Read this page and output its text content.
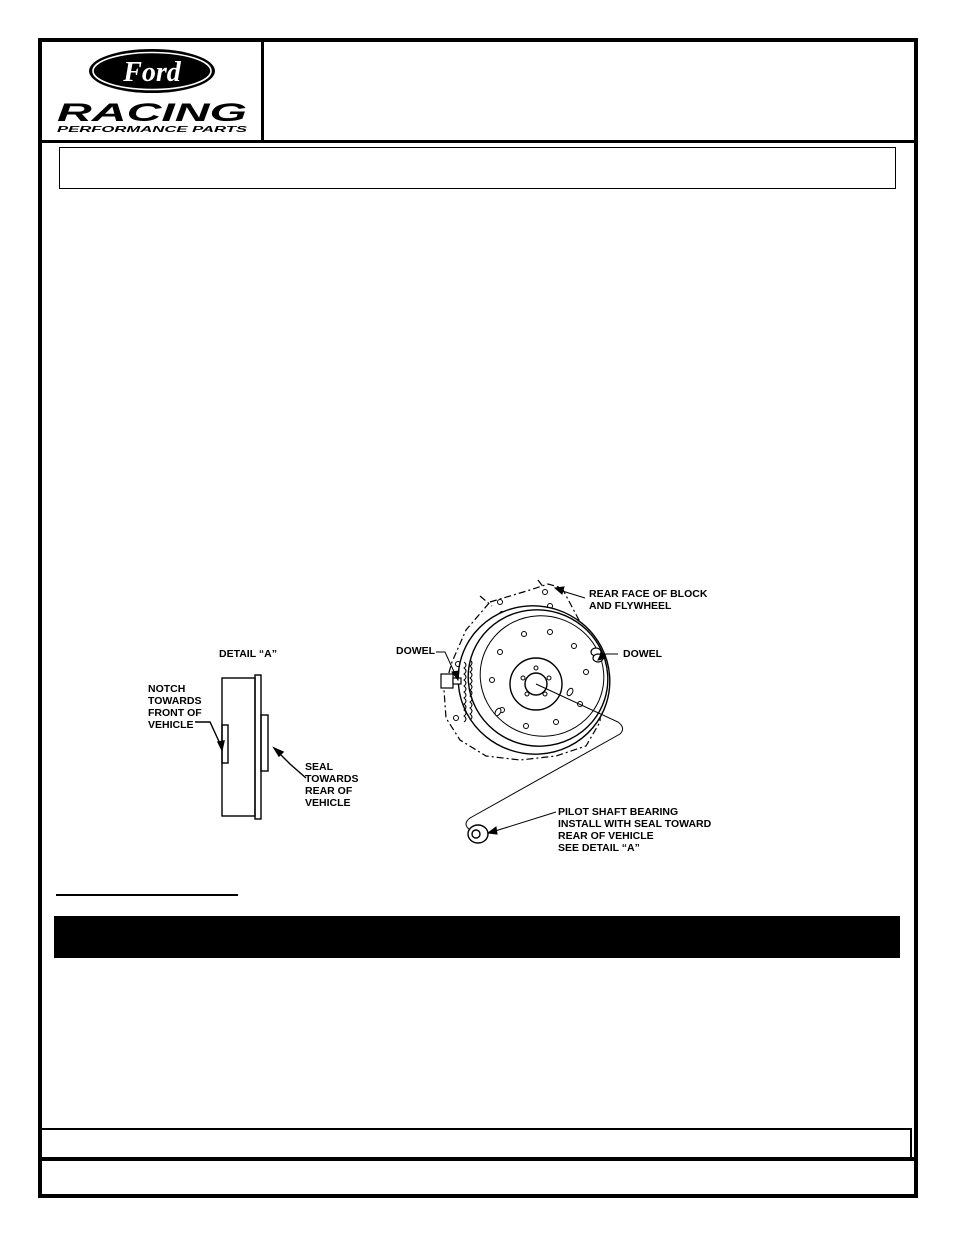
Ford
RACING
PERFORMANCE PARTS
DETAIL “A”
NOTCH
TOWARDS
FRONT OF
VEHICLE
SEAL
TOWARDS
REAR OF
VEHICLE
REAR FACE OF BLOCK
AND FLYWHEEL
DOWEL	DOWEL
PILOT SHAFT BEARING
INSTALL WITH SEAL TOWARD
REAR OF VEHICLE
SEE DETAIL “A”
